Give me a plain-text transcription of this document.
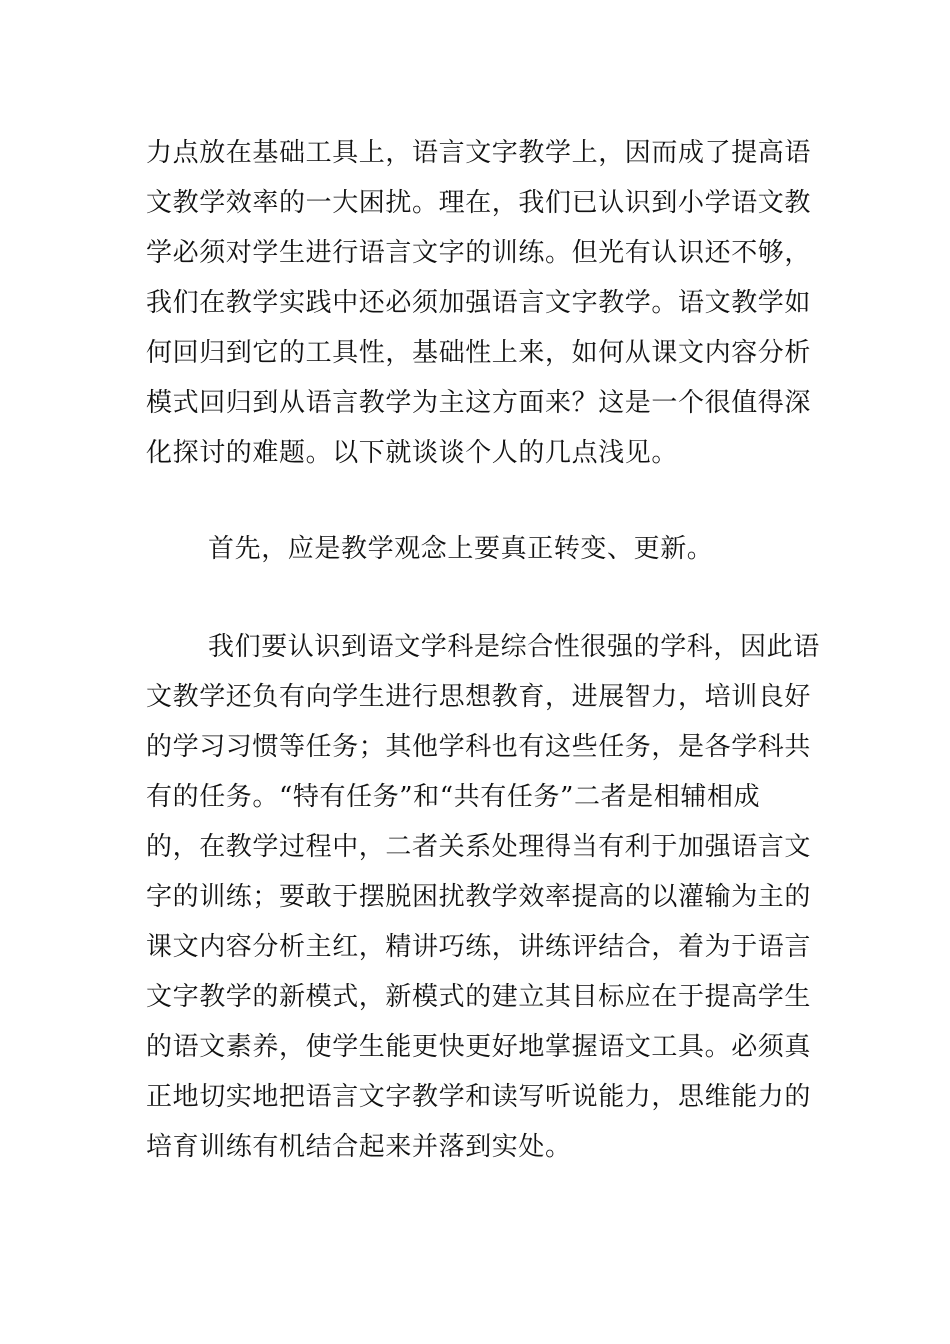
力点放在基础工具上，语言文字教学上，因而成了提高语
文教学效率的一大困扰。理在，我们已认识到小学语文教
学必须对学生进行语言文字的训练。但光有认识还不够，
我们在教学实践中还必须加强语言文字教学。语文教学如
何回归到它的工具性，基础性上来，如何从课文内容分析
模式回归到从语言教学为主这方面来？这是一个很值得深
化探讨的难题。以下就谈谈个人的几点浅见。
首先，应是教学观念上要真正转变、更新。
我们要认识到语文学科是综合性很强的学科，因此语
文教学还负有向学生进行思想教育，进展智力，培训良好
的学习习惯等任务；其他学科也有这些任务，是各学科共
有的任务。“特有任务”和“共有任务”二者是相辅相成
的，在教学过程中，二者关系处理得当有利于加强语言文
字的训练；要敢于摆脱困扰教学效率提高的以灌输为主的
课文内容分析主红，精讲巧练，讲练评结合，着为于语言
文字教学的新模式，新模式的建立其目标应在于提高学生
的语文素养，使学生能更快更好地掌握语文工具。必须真
正地切实地把语言文字教学和读写听说能力，思维能力的
培育训练有机结合起来并落到实处。
